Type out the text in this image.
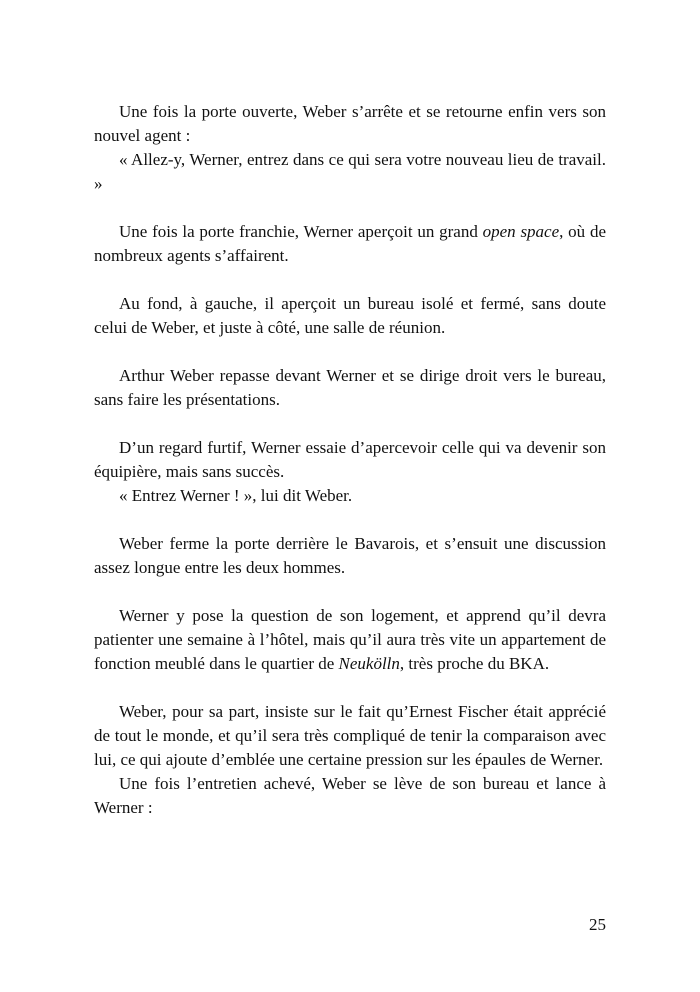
Une fois la porte ouverte, Weber s’arrête et se retourne enfin vers son nouvel agent :

« Allez-y, Werner, entrez dans ce qui sera votre nouveau lieu de travail. »

Une fois la porte franchie, Werner aperçoit un grand open space, où de nombreux agents s’affairent.

Au fond, à gauche, il aperçoit un bureau isolé et fermé, sans doute celui de Weber, et juste à côté, une salle de réunion.

Arthur Weber repasse devant Werner et se dirige droit vers le bureau, sans faire les présentations.

D’un regard furtif, Werner essaie d’apercevoir celle qui va devenir son équipière, mais sans succès.

« Entrez Werner ! », lui dit Weber.

Weber ferme la porte derrière le Bavarois, et s’ensuit une discussion assez longue entre les deux hommes.

Werner y pose la question de son logement, et apprend qu’il devra patienter une semaine à l’hôtel, mais qu’il aura très vite un appartement de fonction meublé dans le quartier de Neukölln, très proche du BKA.

Weber, pour sa part, insiste sur le fait qu’Ernest Fischer était apprécié de tout le monde, et qu’il sera très compliqué de tenir la comparaison avec lui, ce qui ajoute d’emblée une certaine pression sur les épaules de Werner.

Une fois l’entretien achevé, Weber se lève de son bureau et lance à Werner :

25
